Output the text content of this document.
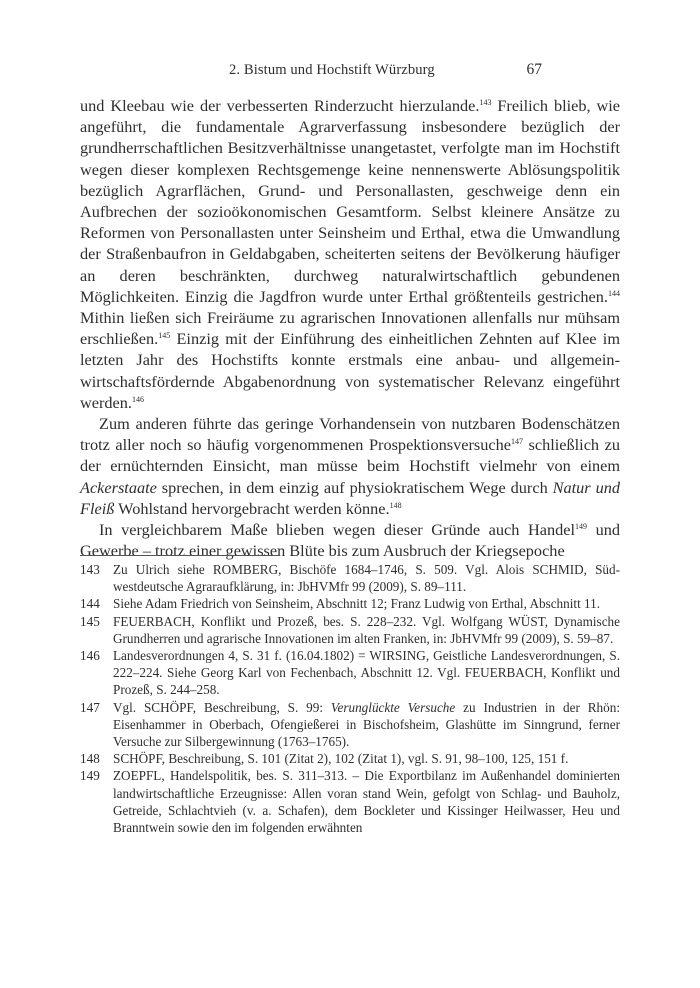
2. Bistum und Hochstift Würzburg	67

und Kleebau wie der verbesserten Rinderzucht hierzulande.$^{143}$ Freilich blieb, wie angeführt, die fundamentale Agrarverfassung insbesondere bezüglich der grundherrschaftlichen Besitzverhältnisse unangetastet, verfolgte man im Hochstift wegen dieser komplexen Rechtsgemenge keine nennenswerte Ablösungspolitik bezüglich Agrarflächen, Grund- und Personallasten, geschweige denn ein Aufbrechen der sozioökonomischen Gesamtform. Selbst kleinere Ansätze zu Reformen von Personallasten unter Seinsheim und Erthal, etwa die Umwandlung der Straßenbaufron in Geldabgaben, scheiterten seitens der Bevölkerung häufiger an deren beschränkten, durchweg naturalwirtschaftlich gebundenen Möglichkeiten. Einzig die Jagdfron wurde unter Erthal größtenteils gestrichen.$^{144}$ Mithin ließen sich Freiräume zu agrarischen Innovationen allenfalls nur mühsam erschließen.$^{145}$ Einzig mit der Einführung des einheitlichen Zehnten auf Klee im letzten Jahr des Hochstifts konnte erstmals eine anbau- und allgemein-wirtschaftsfördernde Abgabenordnung von systematischer Relevanz eingeführt werden.$^{146}$

Zum anderen führte das geringe Vorhandensein von nutzbaren Bodenschätzen trotz aller noch so häufig vorgenommenen Prospektionsversuche$^{147}$ schließlich zu der ernüchternden Einsicht, man müsse beim Hochstift vielmehr von einem Ackerstaate sprechen, in dem einzig auf physiokratischem Wege durch Natur und Fleiß Wohlstand hervorgebracht werden könne.$^{148}$

In vergleichbarem Maße blieben wegen dieser Gründe auch Handel$^{149}$ und Gewerbe – trotz einer gewissen Blüte bis zum Ausbruch der Kriegsepoche

143 Zu Ulrich siehe ROMBERG, Bischöfe 1684–1746, S. 509. Vgl. Alois SCHMID, Südwestdeutsche Agraraufklärung, in: JbHVMfr 99 (2009), S. 89–111.
144 Siehe Adam Friedrich von Seinsheim, Abschnitt 12; Franz Ludwig von Erthal, Abschnitt 11.
145 FEUERBACH, Konflikt und Prozeß, bes. S. 228–232. Vgl. Wolfgang WÜST, Dynamische Grundherren und agrarische Innovationen im alten Franken, in: JbHVMfr 99 (2009), S. 59–87.
146 Landesverordnungen 4, S. 31 f. (16.04.1802) = WIRSING, Geistliche Landesverordnungen, S. 222–224. Siehe Georg Karl von Fechenbach, Abschnitt 12. Vgl. FEUERBACH, Konflikt und Prozeß, S. 244–258.
147 Vgl. SCHÖPF, Beschreibung, S. 99: Verunglückte Versuche zu Industrien in der Rhön: Eisenhammer in Oberbach, Ofengießerei in Bischofsheim, Glashütte im Sinngrund, ferner Versuche zur Silbergewinnung (1763–1765).
148 SCHÖPF, Beschreibung, S. 101 (Zitat 2), 102 (Zitat 1), vgl. S. 91, 98–100, 125, 151 f.
149 ZOEPFL, Handelspolitik, bes. S. 311–313. – Die Exportbilanz im Außenhandel dominierten landwirtschaftliche Erzeugnisse: Allen voran stand Wein, gefolgt von Schlag- und Bauholz, Getreide, Schlachtvieh (v. a. Schafen), dem Bockleter und Kissinger Heilwasser, Heu und Branntwein sowie den im folgenden erwähnten
